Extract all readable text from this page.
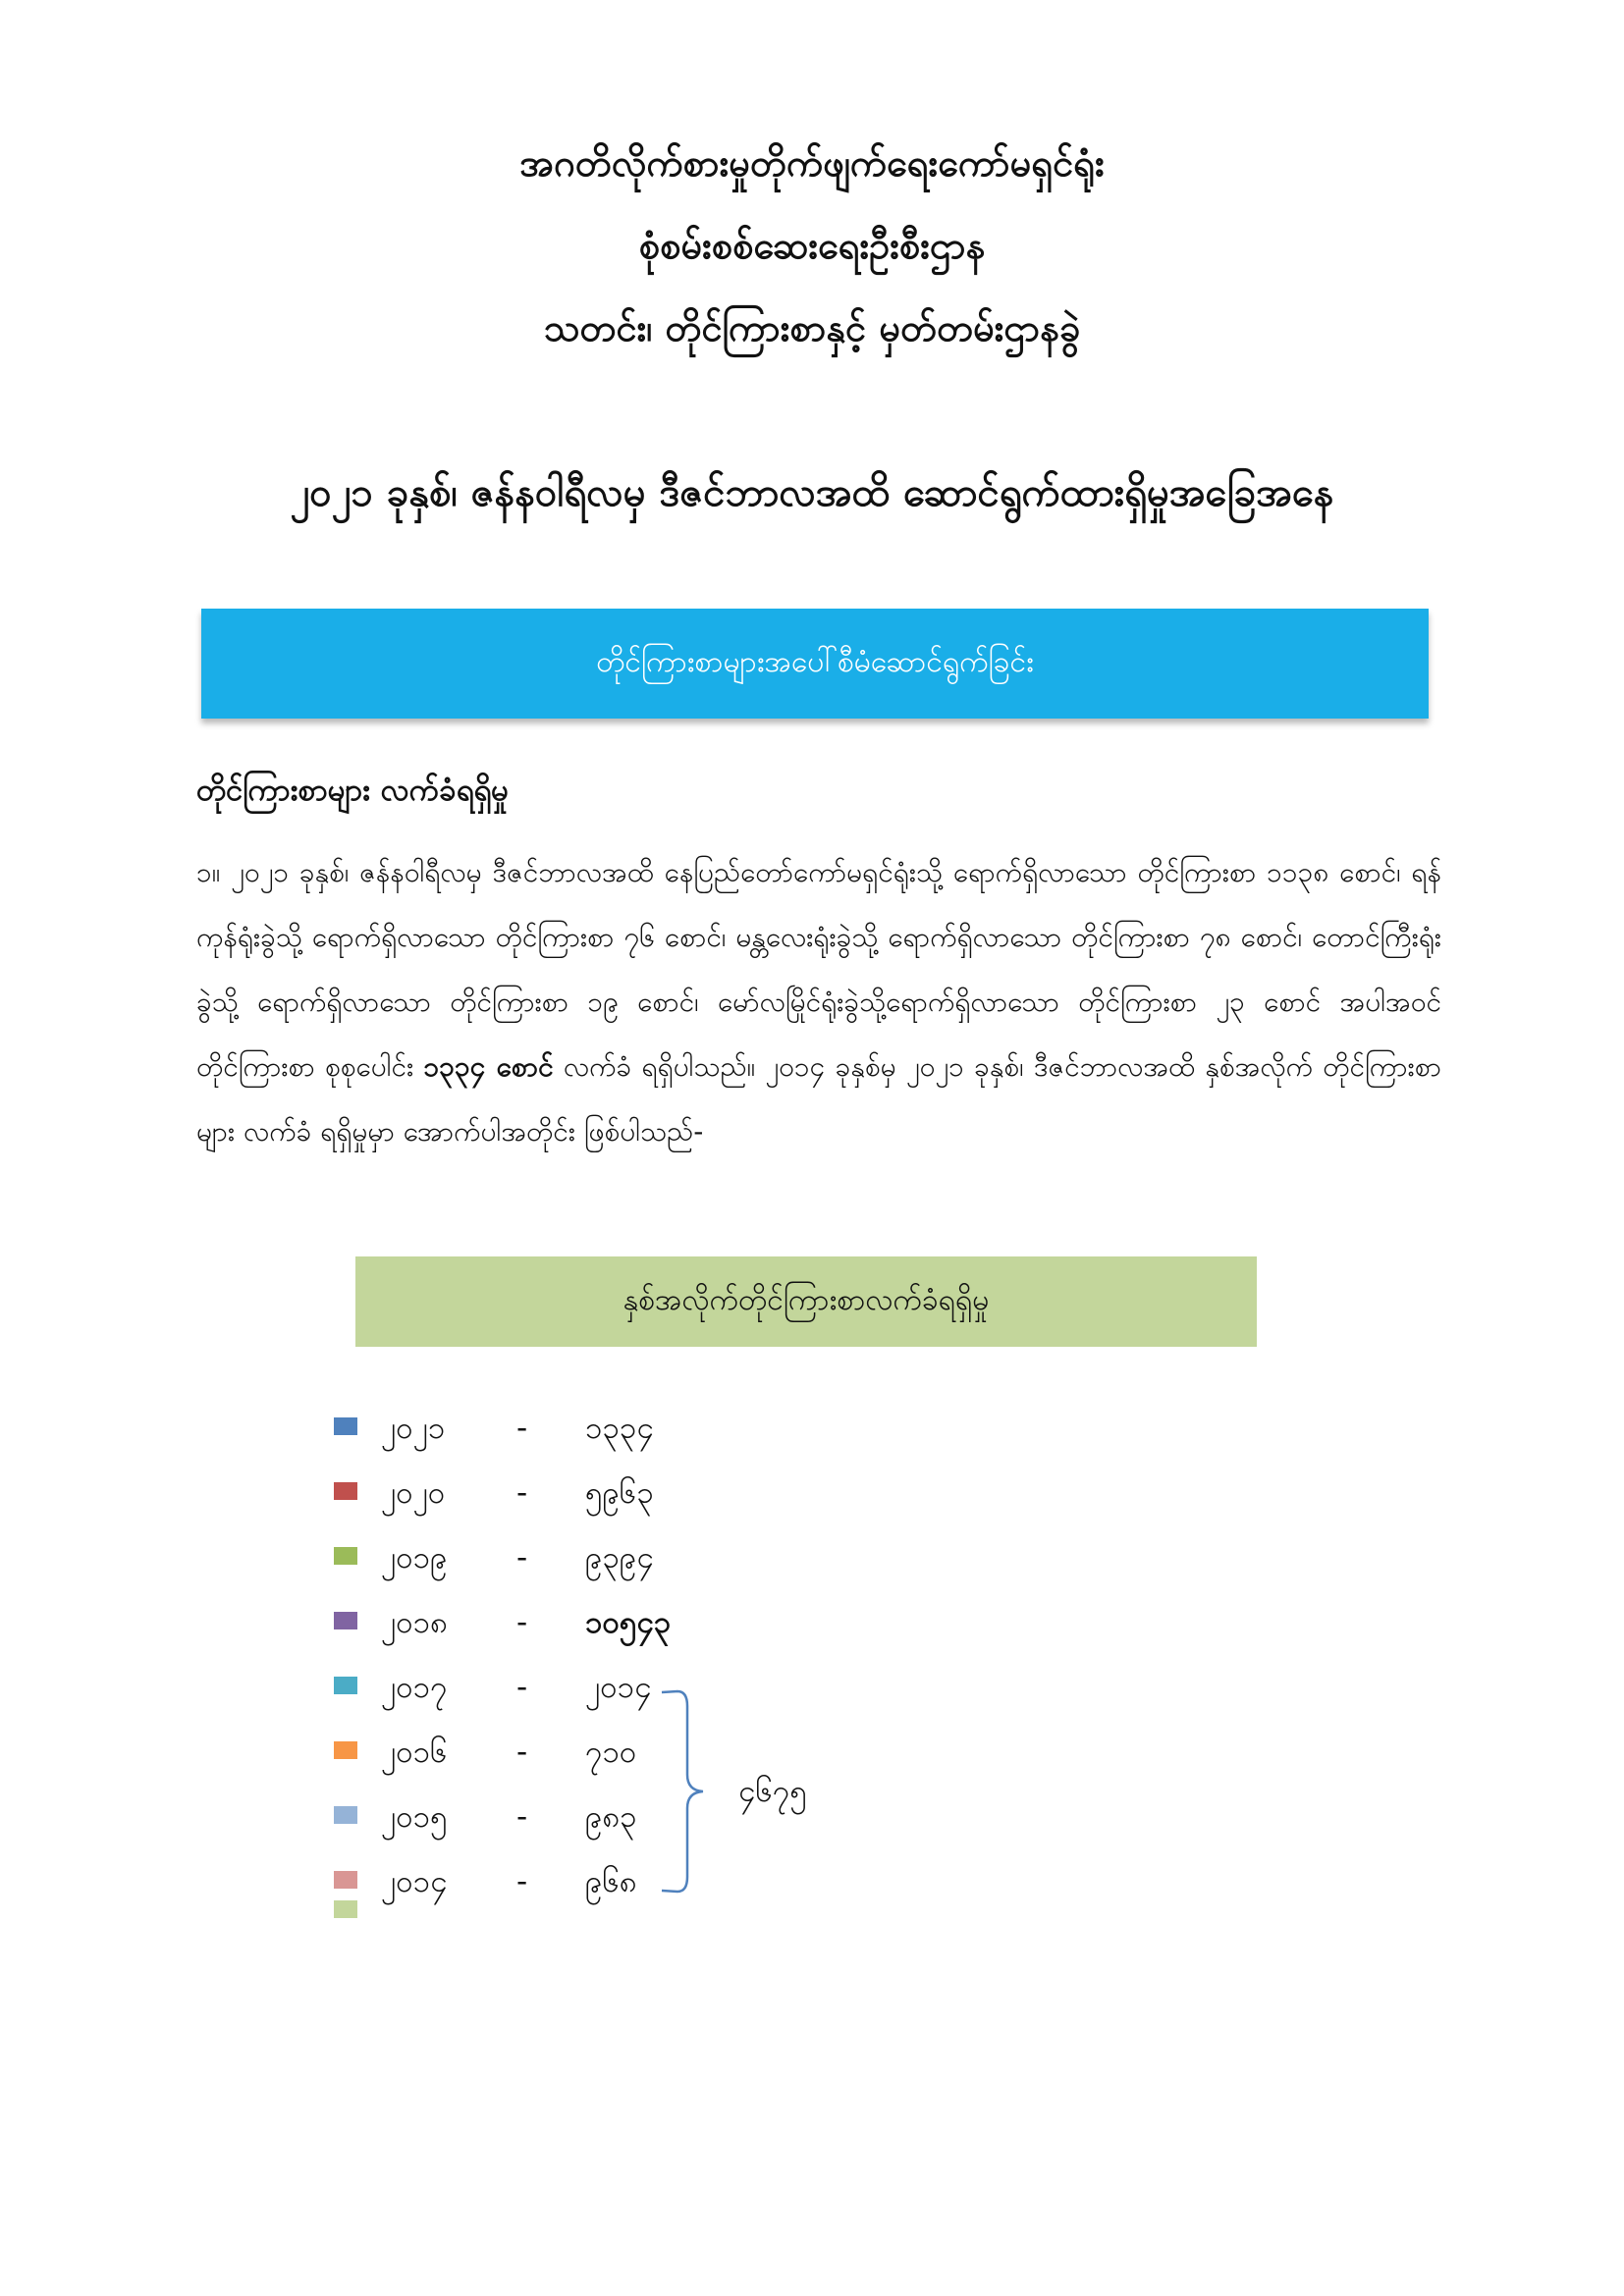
အဂတိလိုက်စားမှုတိုက်ဖျက်ရေးကော်မရှင်ရုံး
စုံစမ်းစစ်ဆေးရေးဦးစီးဌာန
သတင်း၊ တိုင်ကြားစာနှင့် မှတ်တမ်းဌာနခွဲ
၂၀၂၁ ခုနှစ်၊ ဇန်နဝါရီလမှ ဒီဇင်ဘာလအထိ ဆောင်ရွက်ထားရှိမှုအခြေအနေ
တိုင်ကြားစာများအပေါ်စီမံဆောင်ရွက်ခြင်း
တိုင်ကြားစာများ လက်ခံရရှိမှု
၁။ ၂၀၂၁ ခုနှစ်၊ ဇန်နဝါရီလမှ ဒီဇင်ဘာလအထိ နေပြည်တော်ကော်မရှင်ရုံးသို့ ရောက်ရှိလာသော တိုင်ကြားစာ ၁၁၃၈ စောင်၊ ရန်ကုန်ရုံးခွဲသို့ ရောက်ရှိလာသော တိုင်ကြားစာ ၇၆ စောင်၊ မန္တလေးရုံးခွဲသို့ ရောက်ရှိလာသော တိုင်ကြားစာ ၇၈ စောင်၊ တောင်ကြီးရုံးခွဲသို့ ရောက်ရှိလာသော တိုင်ကြားစာ ၁၉ စောင်၊ မော်လမြိုင်ရုံးခွဲသို့ရောက်ရှိလာသော တိုင်ကြားစာ ၂၃ စောင် အပါအဝင် တိုင်ကြားစာ စုစုပေါင်း ၁၃၃၄ စောင် လက်ခံ ရရှိပါသည်။ ၂၀၁၄ ခုနှစ်မှ ၂၀၂၁ ခုနှစ်၊ ဒီဇင်ဘာလအထိ နှစ်အလိုက် တိုင်ကြားစာများ လက်ခံ ရရှိမှုမှာ အောက်ပါအတိုင်း ဖြစ်ပါသည်-
နှစ်အလိုက်တိုင်ကြားစာလက်ခံရရှိမှု
၂၀၂၁ - ၁၃၃၄
၂၀၂၀ - ၅၉၆၃
၂၀၁၉ - ၉၃၉၄
၂၀၁၈ - ၁၀၅၄၃
၂၀၁၇ - ၂၀၁၄
၂၀၁၆ - ၇၁၀
၂၀၁၅ - ၉၈၃
၂၀၁၄ - ၉၆၈
၄၆၇၅
